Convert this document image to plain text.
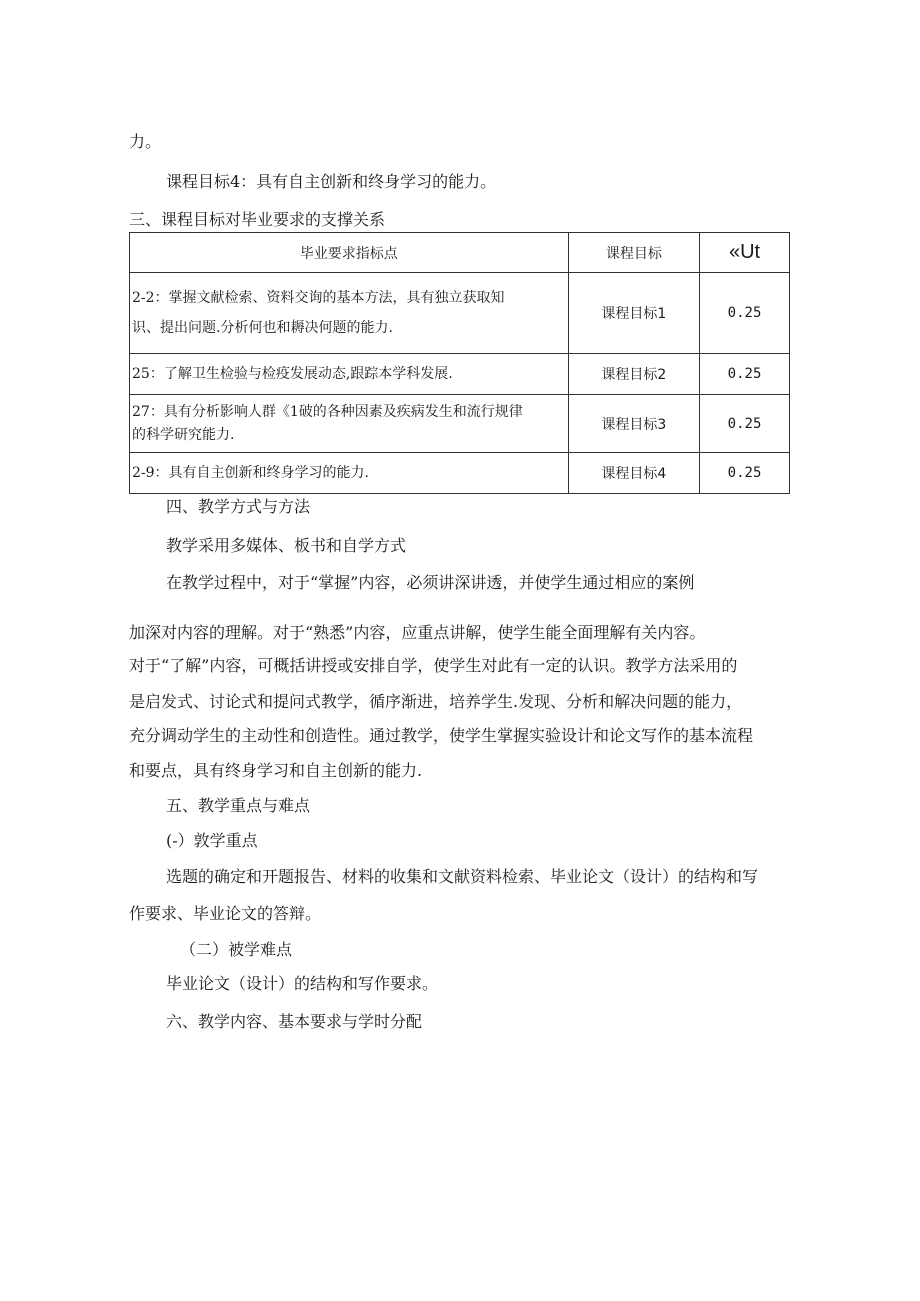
力。
课程目标4：具有自主创新和终身学习的能力。
三、课程目标对毕业要求的支撑关系
毕业要求指标点	课程目标	«Ut

2-2：掌握文献检索、资料交询的基本方法，具有独立获取知
识、提出问题.分析何也和耨决何题的能力.	课程目标1	0.25

25：了解卫生检验与检疫发展动态,跟踪本学科发展.	课程目标2	0.25

27：具有分析影响人群《1破的各种因素及疾病发生和流行规律
的科学研究能力.	课程目标3	0.25

2-9：具有自主创新和终身学习的能力.	课程目标4	0.25
四、教学方式与方法
教学采用多媒体、板书和自学方式
在教学过程中，对于“掌握”内容，必须讲深讲透，并使学生通过相应的案例
加深对内容的理解。对于“熟悉”内容，应重点讲解，使学生能全面理解有关内容。
对于“了解”内容，可概括讲授或安排自学，使学生对此有一定的认识。教学方法采用的
是启发式、讨论式和提问式教学，循序渐进，培养学生.发现、分析和解决问题的能力，
充分调动学生的主动性和创造性。通过教学，使学生掌握实验设计和论文写作的基本流程
和要点，具有终身学习和自主创新的能力.
五、教学重点与难点
(-）敦学重点
选题的确定和开题报告、材料的收集和文献资料检索、毕业论文（设计）的结构和写
作要求、毕业论文的答辩。
（二）被学难点
毕业论文（设计）的结构和写作要求。
六、教学内容、基本要求与学时分配
